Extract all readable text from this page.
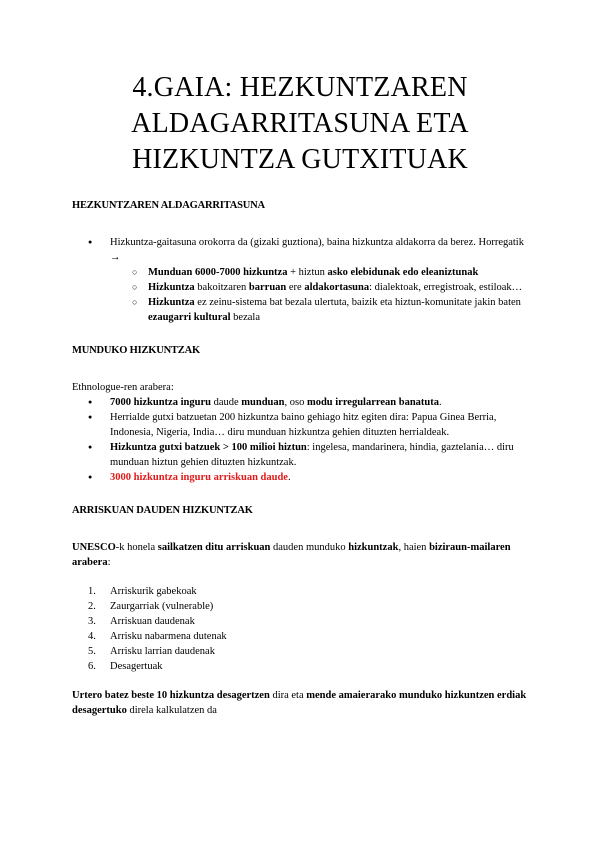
4.GAIA: HEZKUNTZAREN
ALDAGARRITASUNA ETA
HIZKUNTZA GUTXITUAK
HEZKUNTZAREN ALDAGARRITASUNA
● Hizkuntza-gaitasuna orokorra da (gizaki guztiona), baina hizkuntza aldakorra da berez. Horregatik →
○ Munduan 6000-7000 hizkuntza + hiztun asko elebidunak edo eleaniztunak
○ Hizkuntza bakoitzaren barruan ere aldakortasuna: dialektoak, erregistroak, estiloak…
○ Hizkuntza ez zeinu-sistema bat bezala ulertuta, baizik eta hiztun-komunitate jakin baten ezaugarri kultural bezala
MUNDUKO HIZKUNTZAK

Ethnologue-ren arabera:

● 7000 hizkuntza inguru daude munduan, oso modu irregularrean banatuta.
● Herrialde gutxi batzuetan 200 hizkuntza baino gehiago hitz egiten dira: Papua Ginea Berria, Indonesia, Nigeria, India… diru munduan hizkuntza gehien dituzten herrialdeak.
● Hizkuntza gutxi batzuek > 100 milioi hiztun: ingelesa, mandarinera, hindia, gaztelania… diru munduan hiztun gehien dituzten hizkuntzak.
● 3000 hizkuntza inguru arriskuan daude.
ARRISKUAN DAUDEN HIZKUNTZAK

UNESCO-k honela sailkatzen ditu arriskuan dauden munduko hizkuntzak, haien biziraun-mailaren arabera:

1. Arriskurik gabekoak
2. Zaurgarriak (vulnerable)
3. Arriskuan daudenak
4. Arrisku nabarmena dutenak
5. Arrisku larrian daudenak
6. Desagertuak

Urtero batez beste 10 hizkuntza desagertzen dira eta mende amaierarako munduko hizkuntzen erdiak desagertuko direla kalkulatzen da
